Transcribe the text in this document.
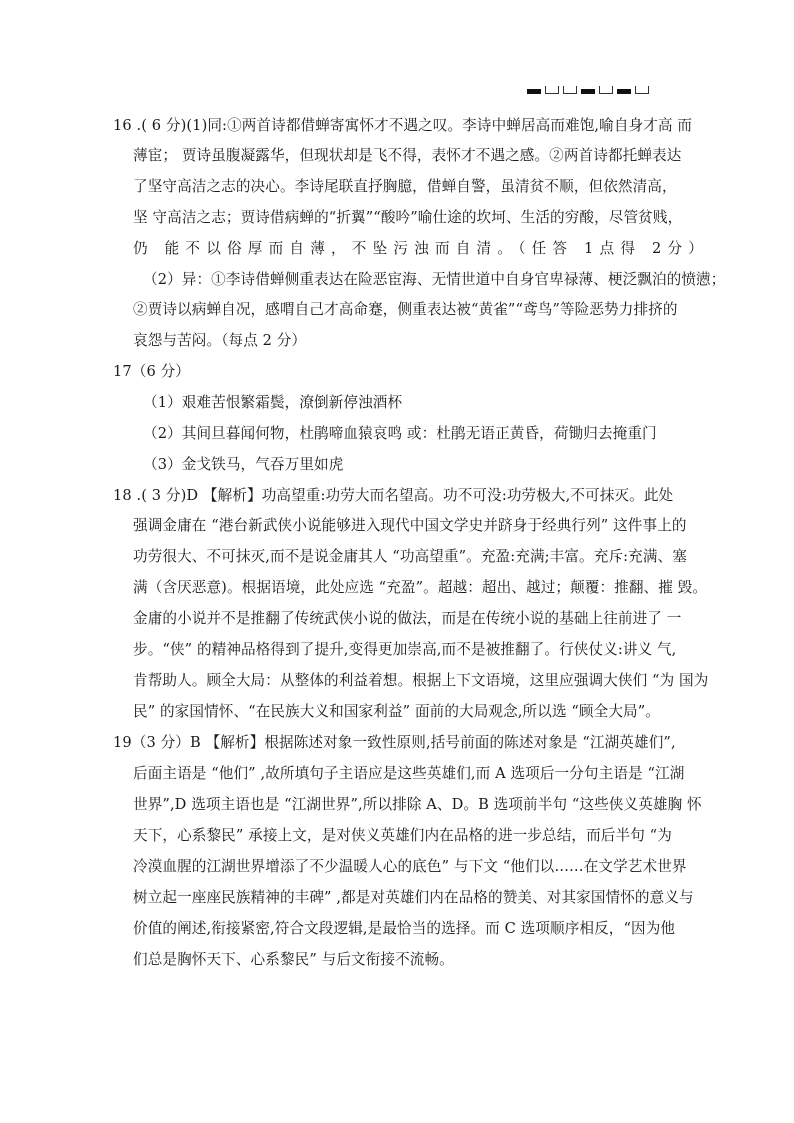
16 .( 6 分)(1)同:①两首诗都借蝉寄寓怀才不遇之叹。李诗中蝉居高而难饱,喻自身才高 而
薄宦； 贾诗虽腹凝露华，但现状却是飞不得，表怀才不遇之感。②两首诗都托蝉表达
了坚守高洁之志的决心。李诗尾联直抒胸臆，借蝉自警，虽清贫不顺，但依然清高，
坚 守高洁之志；贾诗借病蝉的“折翼”“酸吟”喻仕途的坎坷、生活的穷酸，尽管贫贱，
仍 能不以俗厚而自薄，不坠污浊而自清。（任答 1点得 2分）
（2）异：①李诗借蝉侧重表达在险恶宦海、无情世道中自身官卑禄薄、梗泛飘泊的愤懑；
②贾诗以病蝉自况，感喟自己才高命蹇，侧重表达被“黄雀”“鸢鸟”等险恶势力排挤的
哀怨与苦闷。（每点 2 分）
17（6 分）
（1）艰难苦恨繁霜鬓，潦倒新停浊酒杯
（2）其间旦暮闻何物，杜鹃啼血猿哀鸣 或：杜鹃无语正黄昏，荷锄归去掩重门
（3）金戈铁马，气吞万里如虎
18 .( 3 分)D 【解析】功高望重:功劳大而名望高。功不可没:功劳极大,不可抹灭。此处
强调金庸在 “港台新武侠小说能够进入现代中国文学史并跻身于经典行列” 这件事上的
功劳很大、不可抹灭,而不是说金庸其人 “功高望重”。充盈:充满;丰富。充斥:充满、塞
满（含厌恶意)。根据语境，此处应选 “充盈”。超越：超出、越过；颠覆：推翻、摧 毁。
金庸的小说并不是推翻了传统武侠小说的做法，而是在传统小说的基础上往前进了 一
步。“侠” 的精神品格得到了提升,变得更加崇高,而不是被推翻了。行侠仗义:讲义 气,
肯帮助人。顾全大局：从整体的利益着想。根据上下文语境，这里应强调大侠们 “为 国为
民” 的家国情怀、“在民族大义和国家利益” 面前的大局观念,所以选 “顾全大局”。
19（3 分）B 【解析】根据陈述对象一致性原则,括号前面的陈述对象是 “江湖英雄们”,
后面主语是 “他们” ,故所填句子主语应是这些英雄们,而 A 选项后一分句主语是 “江湖
世界”,D 选项主语也是 “江湖世界”,所以排除 A、D。B 选项前半句 “这些侠义英雄胸 怀
天下，心系黎民” 承接上文，是对侠义英雄们内在品格的进一步总结，而后半句 “为
冷漠血腥的江湖世界增添了不少温暖人心的底色” 与下文 “他们以……在文学艺术世界
树立起一座座民族精神的丰碑” ,都是对英雄们内在品格的赞美、对其家国情怀的意义与
价值的阐述,衔接紧密,符合文段逻辑,是最恰当的选择。而 C 选项顺序相反，“因为他
们总是胸怀天下、心系黎民” 与后文衔接不流畅。
